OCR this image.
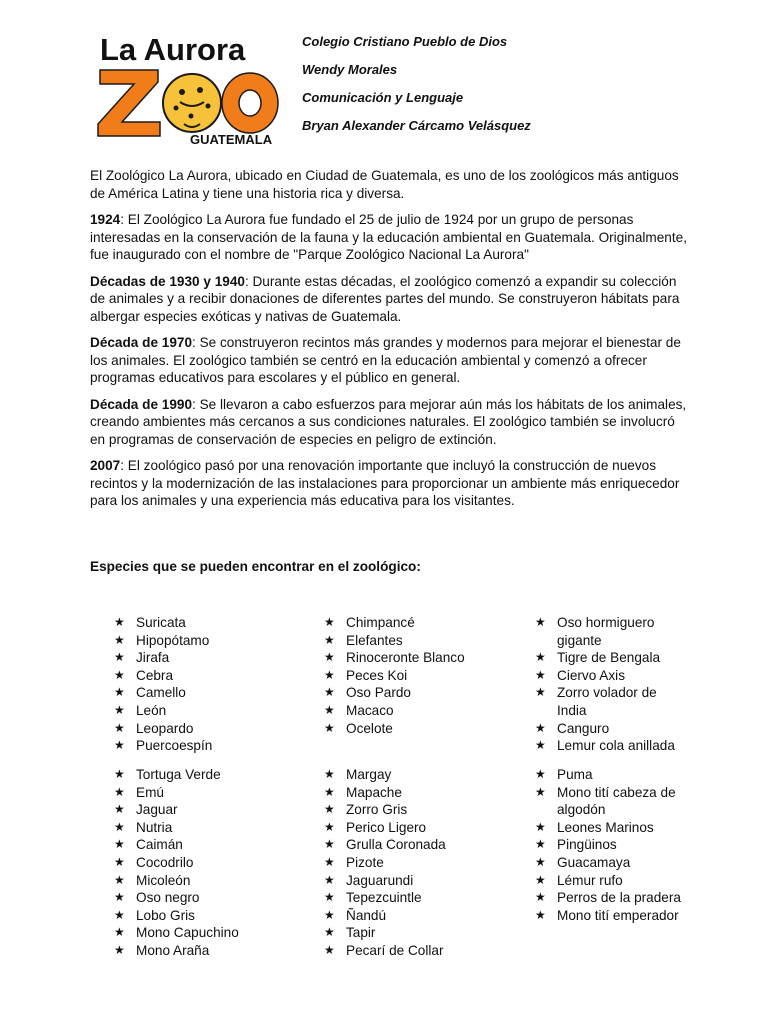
La Aurora
GUATEMALA
Colegio Cristiano Pueblo de Dios
Wendy Morales
Comunicación y Lenguaje
Bryan Alexander Cárcamo Velásquez

El Zoológico La Aurora, ubicado en Ciudad de Guatemala, es uno de los zoológicos más antiguos de América Latina y tiene una historia rica y diversa.

1924: El Zoológico La Aurora fue fundado el 25 de julio de 1924 por un grupo de personas interesadas en la conservación de la fauna y la educación ambiental en Guatemala. Originalmente, fue inaugurado con el nombre de "Parque Zoológico Nacional La Aurora"

Décadas de 1930 y 1940: Durante estas décadas, el zoológico comenzó a expandir su colección de animales y a recibir donaciones de diferentes partes del mundo. Se construyeron hábitats para albergar especies exóticas y nativas de Guatemala.

Década de 1970: Se construyeron recintos más grandes y modernos para mejorar el bienestar de los animales. El zoológico también se centró en la educación ambiental y comenzó a ofrecer programas educativos para escolares y el público en general.

Década de 1990: Se llevaron a cabo esfuerzos para mejorar aún más los hábitats de los animales, creando ambientes más cercanos a sus condiciones naturales. El zoológico también se involucró en programas de conservación de especies en peligro de extinción.

2007: El zoológico pasó por una renovación importante que incluyó la construcción de nuevos recintos y la modernización de las instalaciones para proporcionar un ambiente más enriquecedor para los animales y una experiencia más educativa para los visitantes.

Especies que se pueden encontrar en el zoológico:
★ Suricata
★ Hipopótamo
★ Jirafa
★ Cebra
★ Camello
★ León
★ Leopardo
★ Puercoespín
★ Chimpancé
★ Elefantes
★ Rinoceronte Blanco
★ Peces Koi
★ Oso Pardo
★ Macaco
★ Ocelote
★ Oso hormiguero gigante
★ Tigre de Bengala
★ Ciervo Axis
★ Zorro volador de India
★ Canguro
★ Lemur cola anillada
★ Tortuga Verde
★ Emú
★ Jaguar
★ Nutria
★ Caimán
★ Cocodrilo
★ Micoleón
★ Oso negro
★ Lobo Gris
★ Mono Capuchino
★ Mono Araña
★ Margay
★ Mapache
★ Zorro Gris
★ Perico Ligero
★ Grulla Coronada
★ Pizote
★ Jaguarundi
★ Tepezcuintle
★ Ñandú
★ Tapir
★ Pecarí de Collar
★ Puma
★ Mono tití cabeza de algodón
★ Leones Marinos
★ Pingüinos
★ Guacamaya
★ Lémur rufo
★ Perros de la pradera
★ Mono tití emperador
